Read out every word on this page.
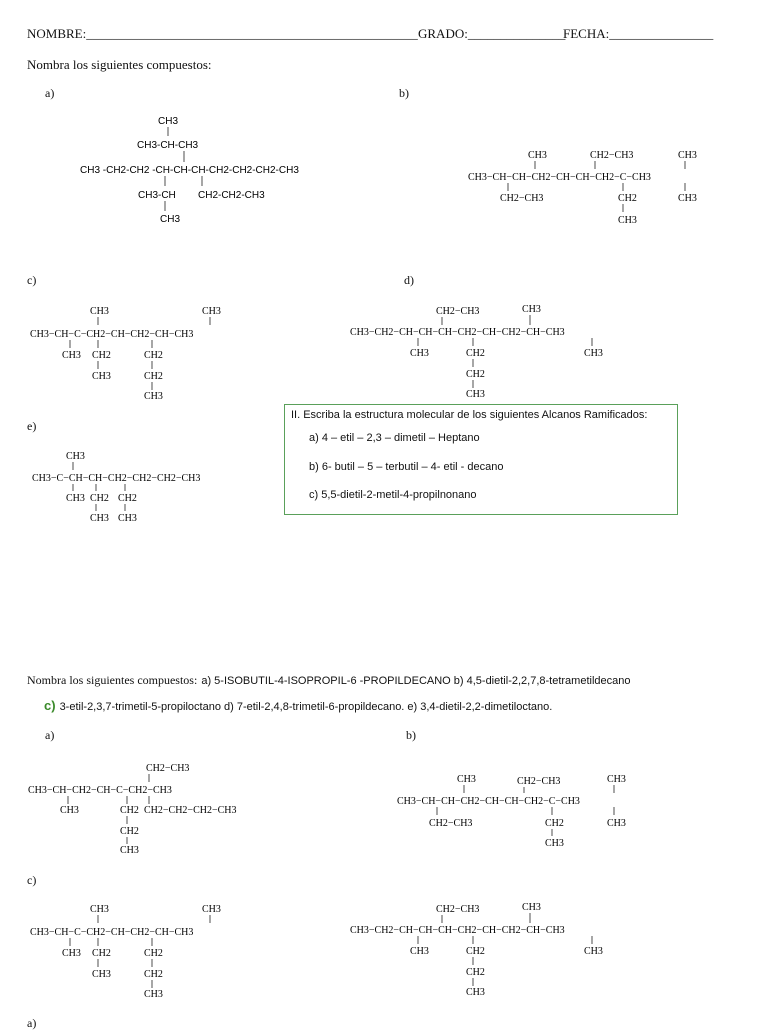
NOMBRE:___________________________________________________ GRADO:_______________
FECHA:________________
Nombra los siguientes compuestos:
a)	b)
c)	d)
e)
CH3
CH3-CH-CH3
CH3 -CH2-CH2 -CH-CH-CH-CH2-CH2-CH2-CH3
CH3-CH CH2-CH2-CH3
CH3
CH3	CH2−CH3	CH3
CH3−CH−CH−CH2−CH−CH−CH2−C−CH3
CH2−CH3	CH2
CH3
CH3
CH3	CH3
CH3−CH−C−CH2−CH−CH2−CH−CH3
CH3 CH2	CH2
CH3	CH2
CH3
CH2−CH3	CH3
CH3−CH2−CH−CH−CH−CH2−CH−CH2−CH−CH3
CH3	CH2	CH3
CH2
CH3
CH3
CH3−C−CH−CH−CH2−CH2−CH2−CH3
CH3 CH2 CH2
CH3 CH3
II. Escriba la estructura molecular de los siguientes Alcanos Ramificados:
a) 4 – etil – 2,3 – dimetil – Heptano
b) 6- butil – 5 – terbutil – 4- etil - decano
c) 5,5-dietil-2-metil-4-propilnonano
Nombra los siguientes compuestos: a) 5-ISOBUTIL-4-ISOPROPIL-6 -PROPILDECANO b) 4,5-dietil-2,2,7,8-tetrametildecano
c) 3-etil-2,3,7-trimetil-5-propiloctano d) 7-etil-2,4,8-trimetil-6-propildecano. e) 3,4-dietil-2,2-dimetiloctano.
a)	b)
c)
a)
CH2−CH3
CH3−CH−CH2−CH−C−CH2−CH3
CH3	CH2 CH2−CH2−CH2−CH3
CH2
CH3
CH3	CH2−CH3	CH3
CH3−CH−CH−CH2−CH−CH−CH2−C−CH3
CH2−CH3	CH2
CH3
CH3
CH3	CH3
CH3−CH−C−CH2−CH−CH2−CH−CH3
CH3 CH2	CH2
CH3	CH2
CH3
CH2−CH3	CH3
CH3−CH2−CH−CH−CH−CH2−CH−CH2−CH−CH3
CH3	CH2	CH3
CH2
CH3
